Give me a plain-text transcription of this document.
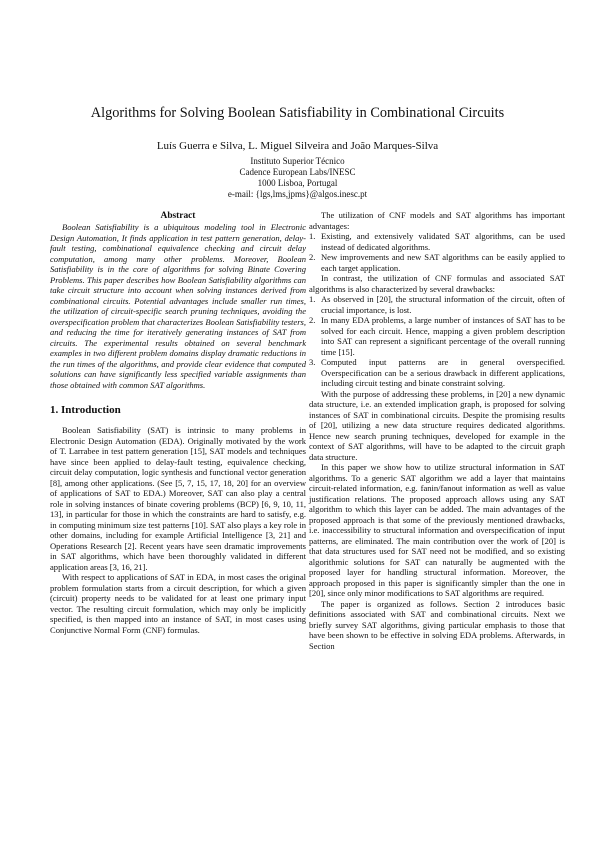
Algorithms for Solving Boolean Satisfiability in Combinational Circuits
Luís Guerra e Silva, L. Miguel Silveira and João Marques-Silva
Instituto Superior Técnico
Cadence European Labs/INESC
1000 Lisboa, Portugal
e-mail: {lgs,lms,jpms}@algos.inesc.pt
Abstract

Boolean Satisfiability is a ubiquitous modeling tool in Electronic Design Automation, It finds application in test pattern generation, delay-fault testing, combinational equivalence checking and circuit delay computation, among many other problems. Moreover, Boolean Satisfiability is in the core of algorithms for solving Binate Covering Problems. This paper describes how Boolean Satisfiability algorithms can take circuit structure into account when solving instances derived from combinational circuits. Potential advantages include smaller run times, the utilization of circuit-specific search pruning techniques, avoiding the overspecification problem that characterizes Boolean Satisfiability testers, and reducing the time for iteratively generating instances of SAT from circuits. The experimental results obtained on several benchmark examples in two different problem domains display dramatic reductions in the run times of the algorithms, and provide clear evidence that computed solutions can have significantly less specified variable assignments than those obtained with common SAT algorithms.

1. Introduction

Boolean Satisfiability (SAT) is intrinsic to many problems in Electronic Design Automation (EDA). Originally motivated by the work of T. Larrabee in test pattern generation [15], SAT models and techniques have since been applied to delay-fault testing, equivalence checking, circuit delay computation, logic synthesis and functional vector generation [8], among other applications. (See [5, 7, 15, 17, 18, 20] for an overview of applications of SAT to EDA.) Moreover, SAT can also play a central role in solving instances of binate covering problems (BCP) [6, 9, 10, 11, 13], in particular for those in which the constraints are hard to satisfy, e.g. in computing minimum size test patterns [10]. SAT also plays a key role in other domains, including for example Artificial Intelligence [3, 21] and Operations Research [2]. Recent years have seen dramatic improvements in SAT algorithms, which have been thoroughly validated in different application areas [3, 16, 21].

With respect to applications of SAT in EDA, in most cases the original problem formulation starts from a circuit description, for which a given (circuit) property needs to be validated for at least one primary input vector. The resulting circuit formulation, which may only be implicitly specified, is then mapped into an instance of SAT, in most cases using Conjunctive Normal Form (CNF) formulas.

The utilization of CNF models and SAT algorithms has important advantages:

1. Existing, and extensively validated SAT algorithms, can be used instead of dedicated algorithms.
2. New improvements and new SAT algorithms can be easily applied to each target application.

In contrast, the utilization of CNF formulas and associated SAT algorithms is also characterized by several drawbacks:

1. As observed in [20], the structural information of the circuit, often of crucial importance, is lost.
2. In many EDA problems, a large number of instances of SAT has to be solved for each circuit. Hence, mapping a given problem description into SAT can represent a significant percentage of the overall running time [15].
3. Computed input patterns are in general overspecified. Overspecification can be a serious drawback in different applications, including circuit testing and binate constraint solving.

With the purpose of addressing these problems, in [20] a new dynamic data structure, i.e. an extended implication graph, is proposed for solving instances of SAT in combinational circuits. Despite the promising results of [20], utilizing a new data structure requires dedicated algorithms. Hence new search pruning techniques, developed for example in the context of SAT algorithms, will have to be adapted to the circuit graph data structure.

In this paper we show how to utilize structural information in SAT algorithms. To a generic SAT algorithm we add a layer that maintains circuit-related information, e.g. fanin/fanout information as well as value justification relations. The proposed approach allows using any SAT algorithm to which this layer can be added. The main advantages of the proposed approach is that some of the previously mentioned drawbacks, i.e. inaccessibility to structural information and overspecification of input patterns, are eliminated. The main contribution over the work of [20] is that data structures used for SAT need not be modified, and so existing algorithmic solutions for SAT can naturally be augmented with the proposed layer for handling structural information. Moreover, the approach proposed in this paper is significantly simpler than the one in [20], since only minor modifications to SAT algorithms are required.

The paper is organized as follows. Section 2 introduces basic definitions associated with SAT and combinational circuits. Next we briefly survey SAT algorithms, giving particular emphasis to those that have been shown to be effective in solving EDA problems. Afterwards, in Section
